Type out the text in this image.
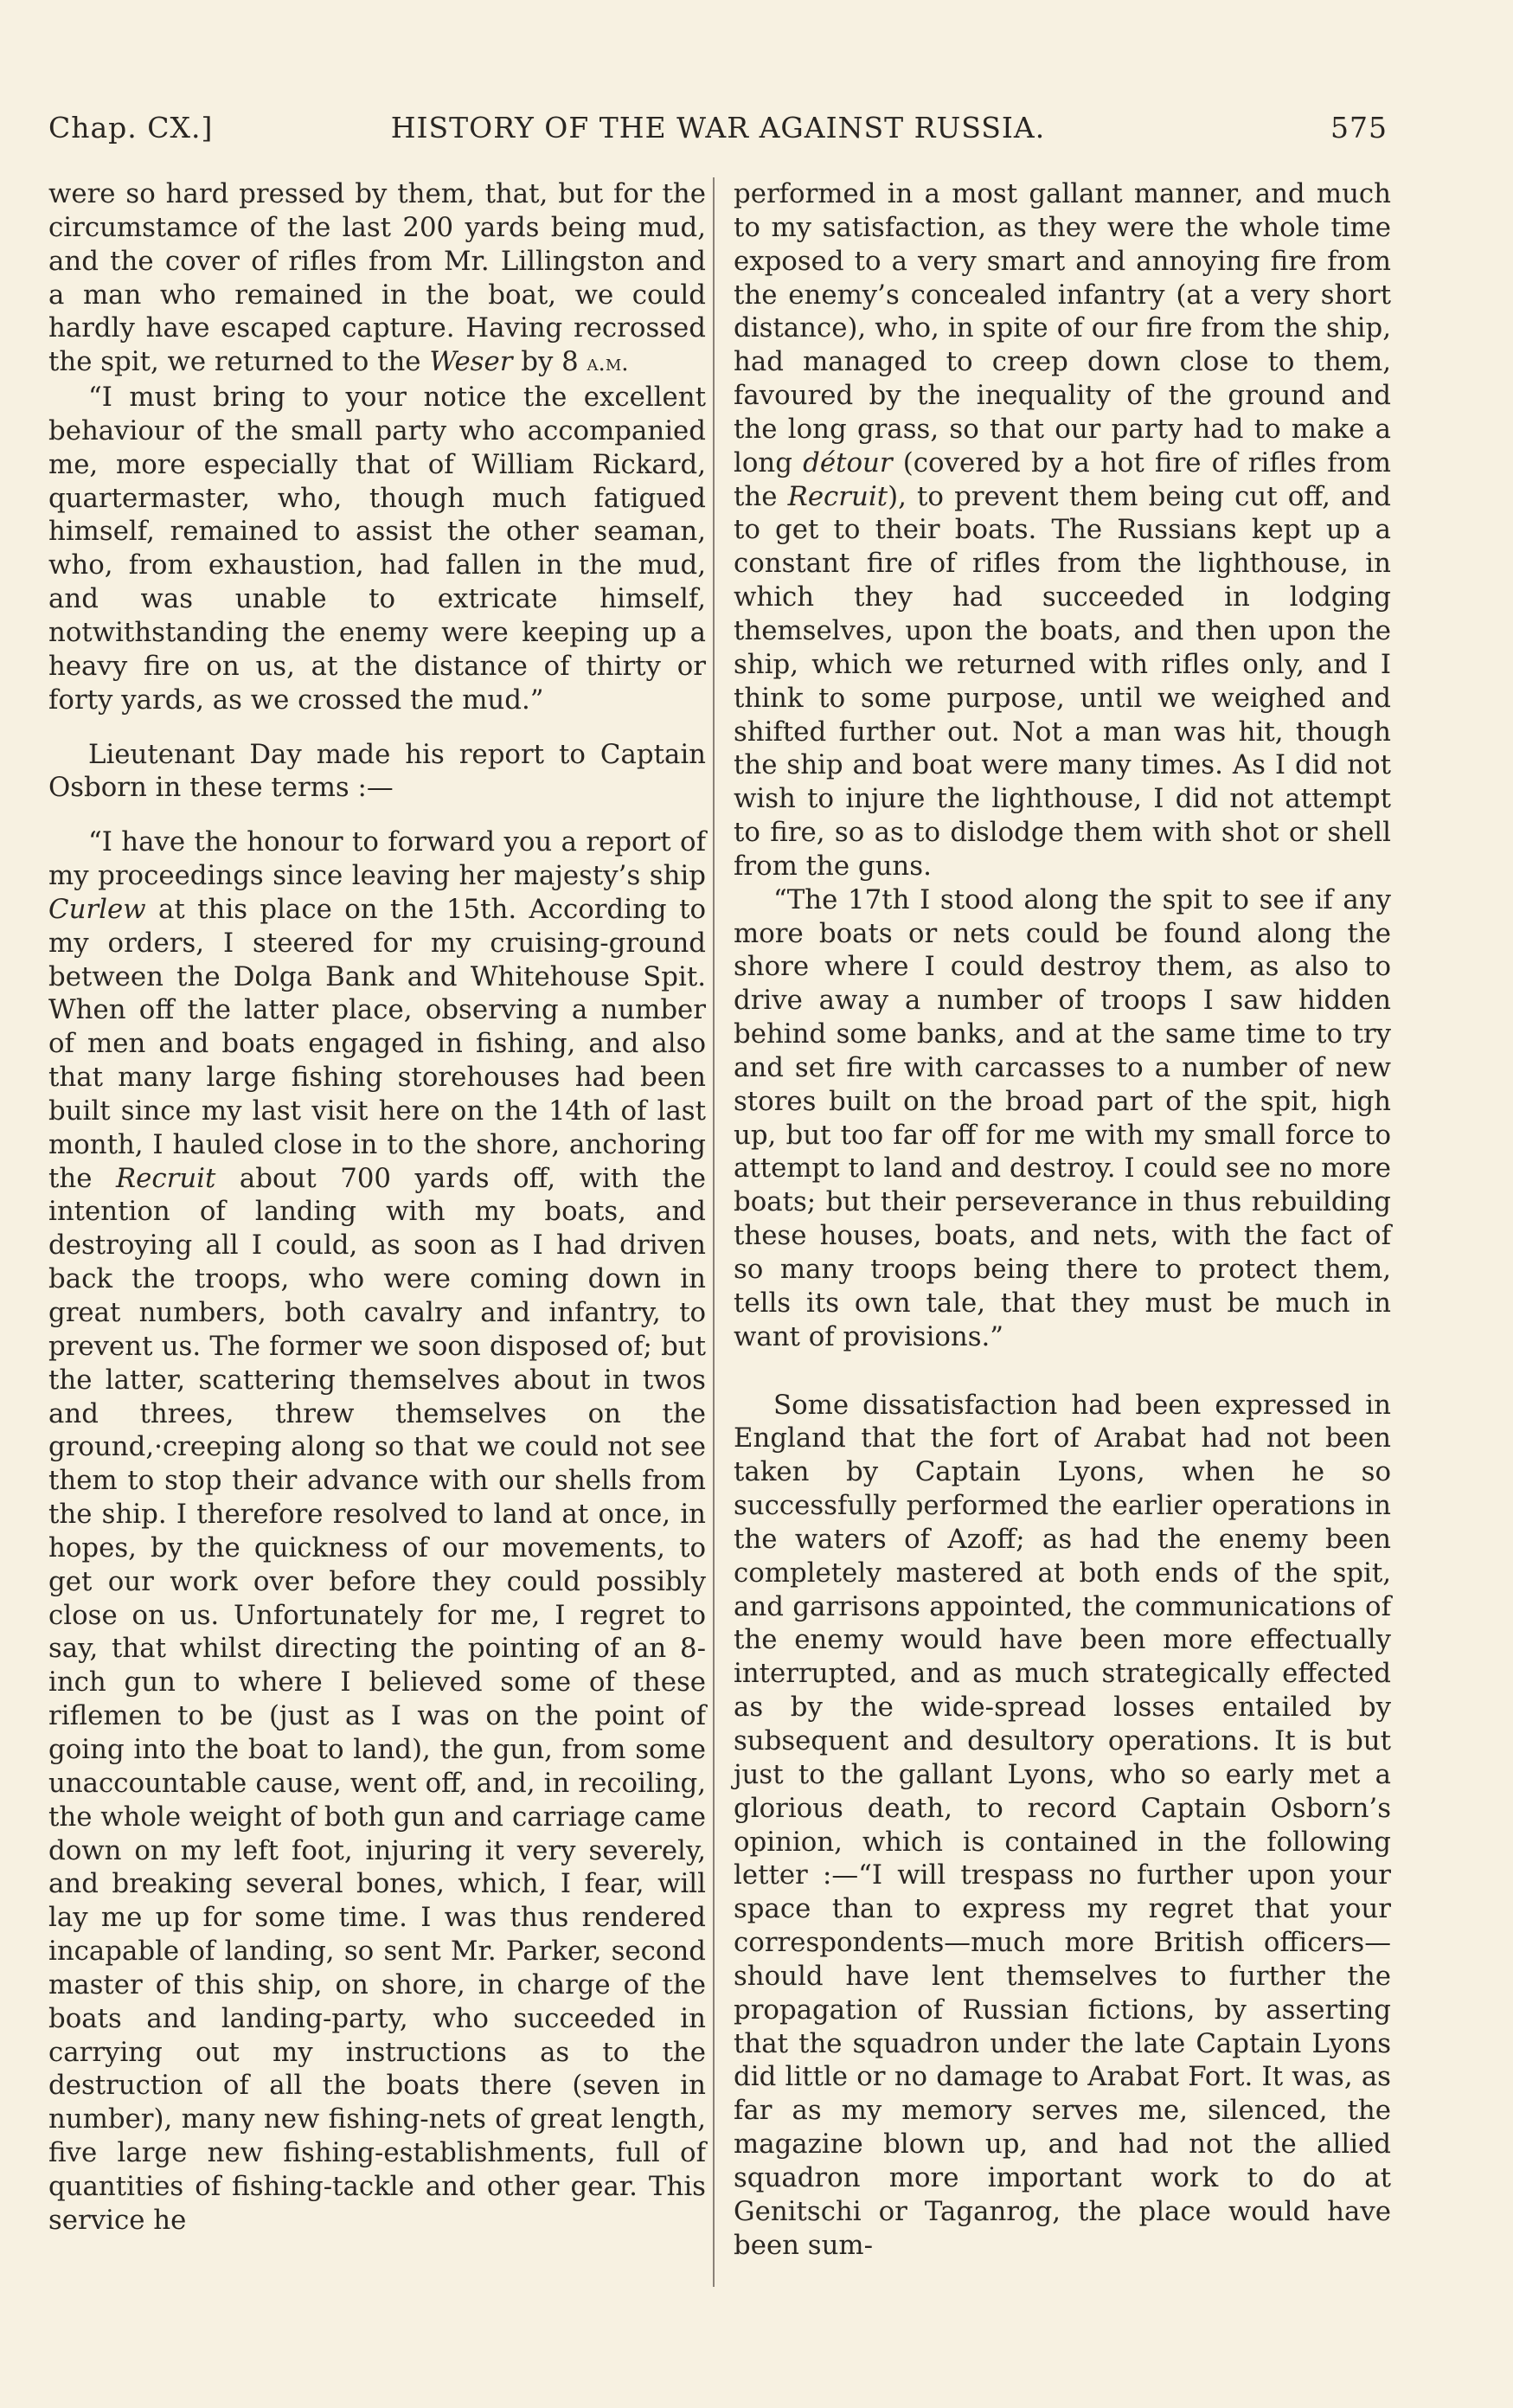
Chap. CX.]	HISTORY OF THE WAR AGAINST RUSSIA.	575

were so hard pressed by them, that, but for the circumstamce of the last 200 yards being mud, and the cover of rifles from Mr. Lillingston and a man who remained in the boat, we could hardly have escaped capture. Having recrossed the spit, we returned to the Weser by 8 a.m.

“I must bring to your notice the excellent behaviour of the small party who accompanied me, more especially that of William Rickard, quartermaster, who, though much fatigued himself, remained to assist the other seaman, who, from exhaustion, had fallen in the mud, and was unable to extricate himself, notwithstanding the enemy were keeping up a heavy fire on us, at the distance of thirty or forty yards, as we crossed the mud.”

Lieutenant Day made his report to Captain Osborn in these terms :—

“I have the honour to forward you a report of my proceedings since leaving her majesty’s ship Curlew at this place on the 15th. According to my orders, I steered for my cruising-ground between the Dolga Bank and Whitehouse Spit. When off the latter place, observing a number of men and boats engaged in fishing, and also that many large fishing storehouses had been built since my last visit here on the 14th of last month, I hauled close in to the shore, anchoring the Recruit about 700 yards off, with the intention of landing with my boats, and destroying all I could, as soon as I had driven back the troops, who were coming down in great numbers, both cavalry and infantry, to prevent us. The former we soon disposed of; but the latter, scattering themselves about in twos and threes, threw themselves on the ground,·creeping along so that we could not see them to stop their advance with our shells from the ship. I therefore resolved to land at once, in hopes, by the quickness of our movements, to get our work over before they could possibly close on us. Unfortunately for me, I regret to say, that whilst directing the pointing of an 8-inch gun to where I believed some of these riflemen to be (just as I was on the point of going into the boat to land), the gun, from some unaccountable cause, went off, and, in recoiling, the whole weight of both gun and carriage came down on my left foot, injuring it very severely, and breaking several bones, which, I fear, will lay me up for some time. I was thus rendered incapable of landing, so sent Mr. Parker, second master of this ship, on shore, in charge of the boats and landing-party, who succeeded in carrying out my instructions as to the destruction of all the boats there (seven in number), many new fishing-nets of great length, five large new fishing-establishments, full of quantities of fishing-tackle and other gear. This service he

performed in a most gallant manner, and much to my satisfaction, as they were the whole time exposed to a very smart and annoying fire from the enemy’s concealed infantry (at a very short distance), who, in spite of our fire from the ship, had managed to creep down close to them, favoured by the inequality of the ground and the long grass, so that our party had to make a long détour (covered by a hot fire of rifles from the Recruit), to prevent them being cut off, and to get to their boats. The Russians kept up a constant fire of rifles from the lighthouse, in which they had succeeded in lodging themselves, upon the boats, and then upon the ship, which we returned with rifles only, and I think to some purpose, until we weighed and shifted further out. Not a man was hit, though the ship and boat were many times. As I did not wish to injure the lighthouse, I did not attempt to fire, so as to dislodge them with shot or shell from the guns.

“The 17th I stood along the spit to see if any more boats or nets could be found along the shore where I could destroy them, as also to drive away a number of troops I saw hidden behind some banks, and at the same time to try and set fire with carcasses to a number of new stores built on the broad part of the spit, high up, but too far off for me with my small force to attempt to land and destroy. I could see no more boats; but their perseverance in thus rebuilding these houses, boats, and nets, with the fact of so many troops being there to protect them, tells its own tale, that they must be much in want of provisions.”

Some dissatisfaction had been expressed in England that the fort of Arabat had not been taken by Captain Lyons, when he so successfully performed the earlier operations in the waters of Azoff; as had the enemy been completely mastered at both ends of the spit, and garrisons appointed, the communications of the enemy would have been more effectually interrupted, and as much strategically effected as by the wide-spread losses entailed by subsequent and desultory operations. It is but just to the gallant Lyons, who so early met a glorious death, to record Captain Osborn’s opinion, which is contained in the following letter :—“I will trespass no further upon your space than to express my regret that your correspondents—much more British officers—should have lent themselves to further the propagation of Russian fictions, by asserting that the squadron under the late Captain Lyons did little or no damage to Arabat Fort. It was, as far as my memory serves me, silenced, the magazine blown up, and had not the allied squadron more important work to do at Genitschi or Taganrog, the place would have been sum-
